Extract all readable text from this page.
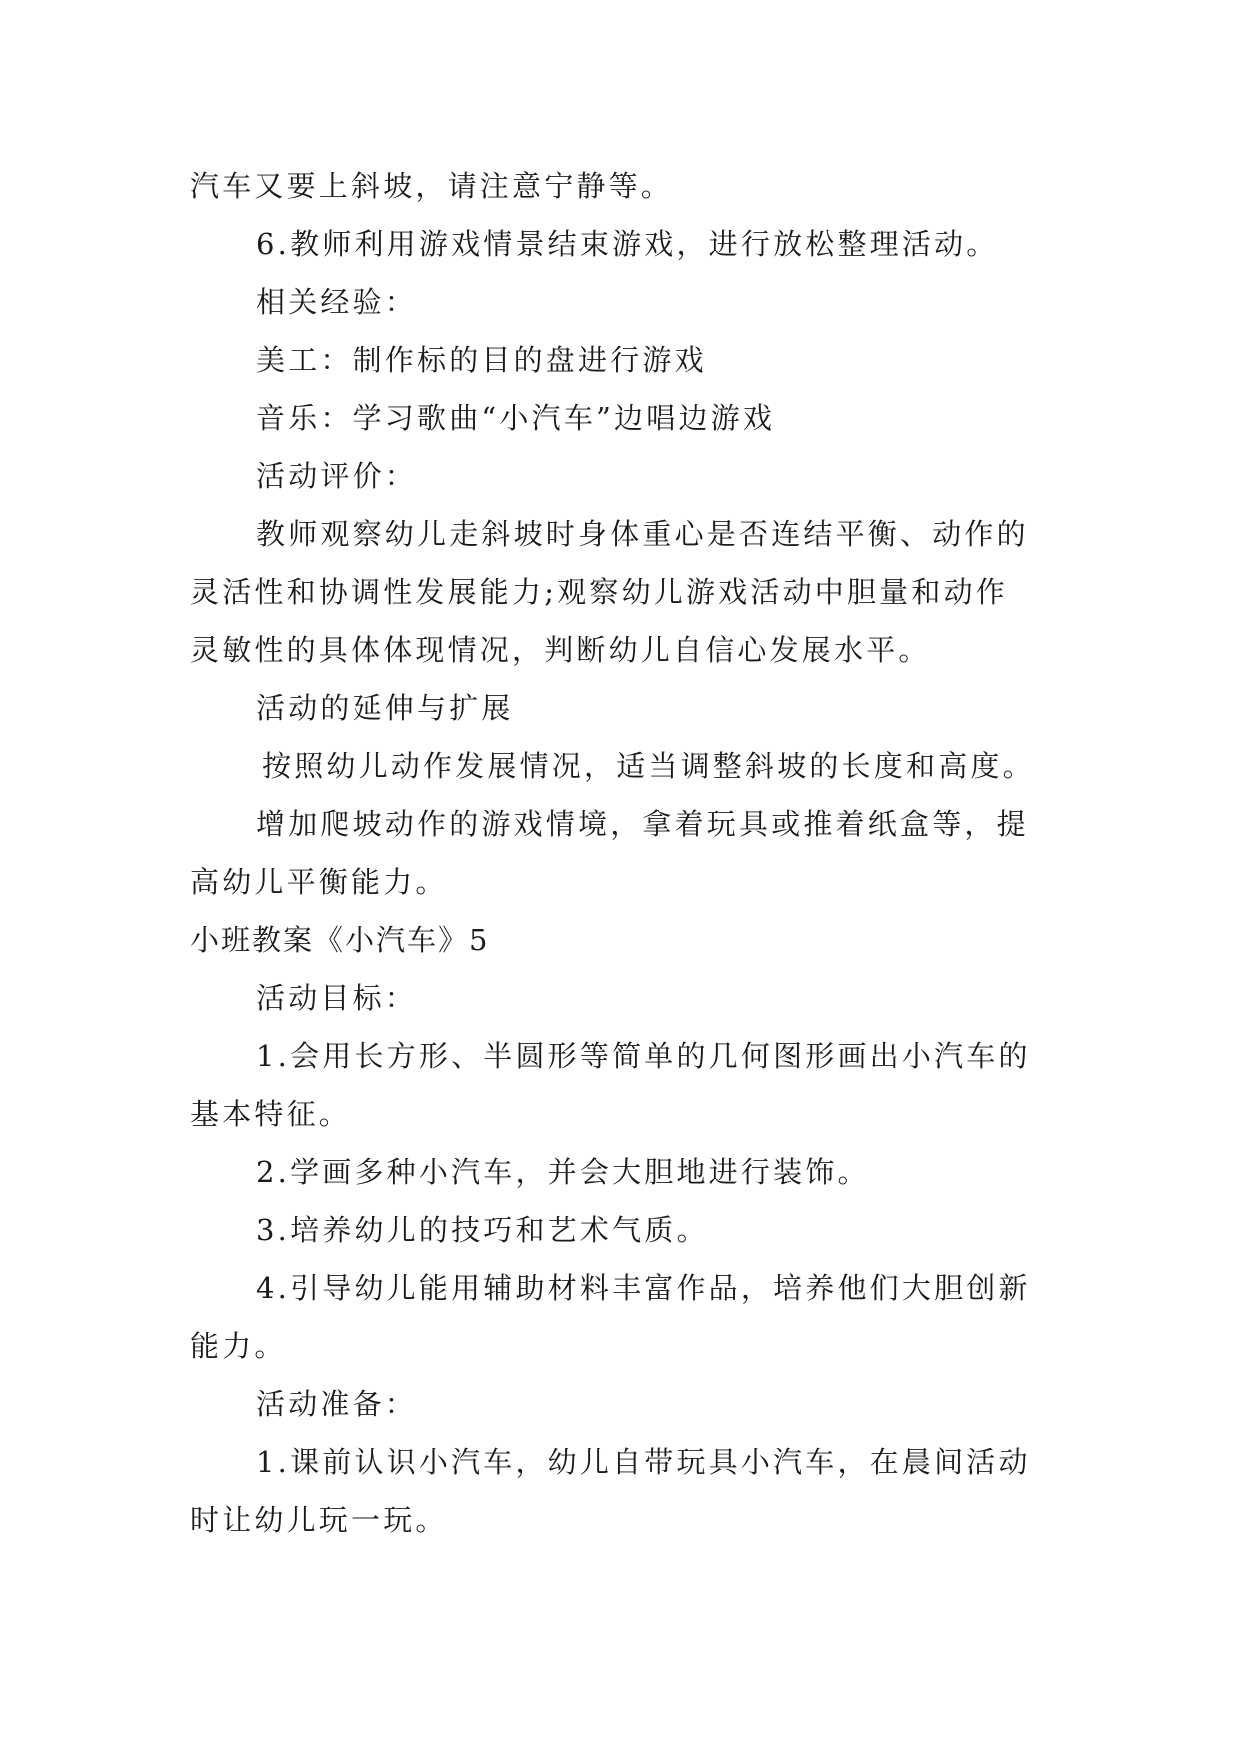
汽车又要上斜坡，请注意宁静等。
6.教师利用游戏情景结束游戏，进行放松整理活动。
相关经验：
美工：制作标的目的盘进行游戏
音乐：学习歌曲“小汽车”边唱边游戏
活动评价：
教师观察幼儿走斜坡时身体重心是否连结平衡、动作的
灵活性和协调性发展能力;观察幼儿游戏活动中胆量和动作
灵敏性的具体体现情况，判断幼儿自信心发展水平。
活动的延伸与扩展
按照幼儿动作发展情况，适当调整斜坡的长度和高度。
增加爬坡动作的游戏情境，拿着玩具或推着纸盒等，提
高幼儿平衡能力。
小班教案《小汽车》5
活动目标：
1.会用长方形、半圆形等简单的几何图形画出小汽车的
基本特征。
2.学画多种小汽车，并会大胆地进行装饰。
3.培养幼儿的技巧和艺术气质。
4.引导幼儿能用辅助材料丰富作品，培养他们大胆创新
能力。
活动准备：
1.课前认识小汽车，幼儿自带玩具小汽车，在晨间活动
时让幼儿玩一玩。
